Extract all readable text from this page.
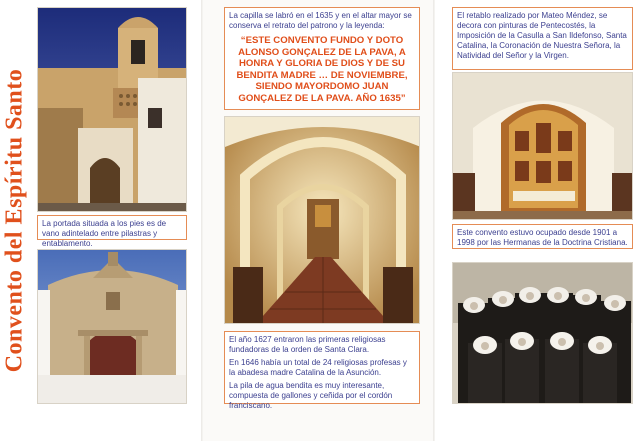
Convento del Espíritu Santo La portada situada a los pies es de vano adintelado entre pilastras y entablamento.

La capilla se labró en el 1635 y en el altar mayor se conserva el retrato del patrono y la leyenda:

“ESTE CONVENTO FUNDO Y DOTO ALONSO GONÇALEZ DE LA PAVA, A HONRA Y GLORIA DE DIOS Y DE SU BENDITA MADRE … DE NOVIEMBRE, SIENDO MAYORDOMO JUAN GONÇALEZ DE LA PAVA. AÑO 1635”

El año 1627 entraron las primeras religiosas fundadoras de la orden de Santa Clara.

En 1646 había un total de 24 religiosas profesas y la abadesa madre Catalina de la Asunción.

La pila de agua bendita es muy interesante, compuesta de gallones y ceñida por el cordón franciscano.

El retablo realizado por Mateo Méndez, se decora con pinturas de Pentecostés, la Imposición de la Casulla a San Ildefonso, Santa Catalina, la Coronación de Nuestra Señora, la Natividad del Señor y la Virgen.

Este convento estuvo ocupado desde 1901 a 1998 por las Hermanas de la Doctrina Cristiana.
